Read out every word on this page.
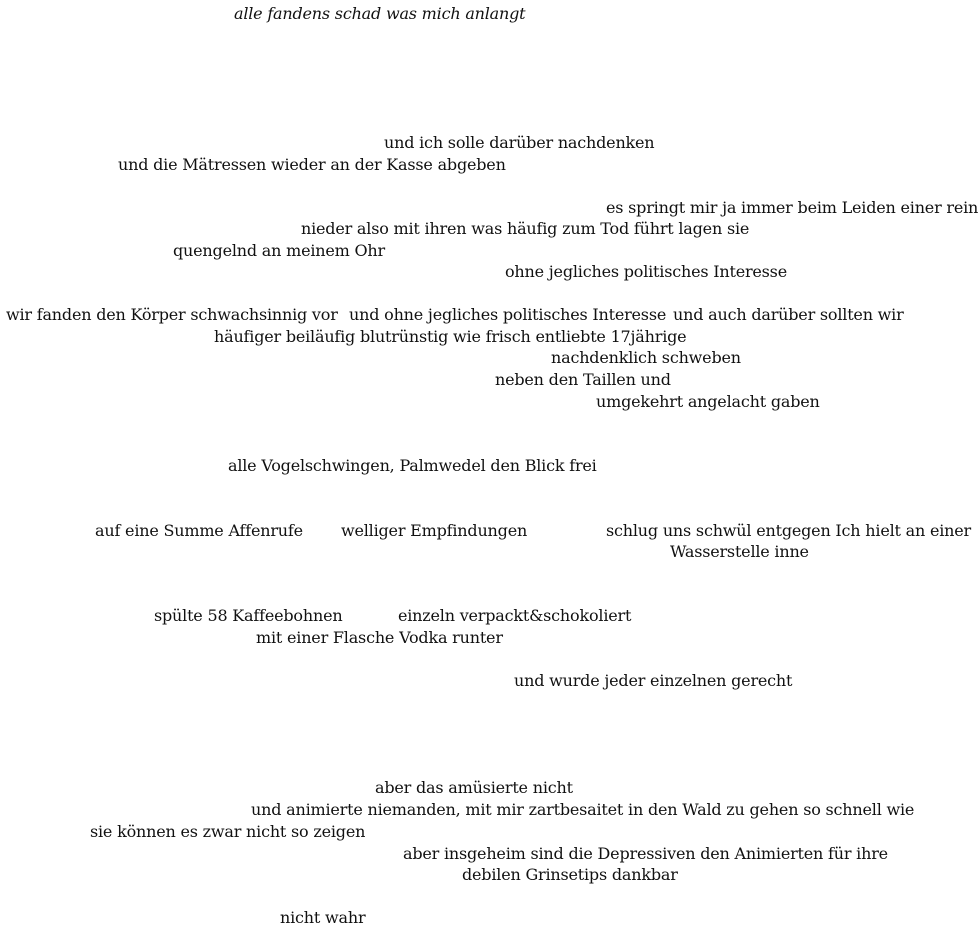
alle fandens schad was mich anlangt
und ich solle darüber nachdenken
und die Mätressen wieder an der Kasse abgeben
es springt mir ja immer beim Leiden einer rein
nieder also mit ihren was häufig zum Tod führt lagen sie
quengelnd an meinem Ohr
ohne jegliches politisches Interesse
wir fanden den Körper schwachsinnig vor und ohne jegliches politisches Interesse und auch darüber sollten wir
häufiger beiläufig blutrünstig wie frisch entliebte 17jährige
nachdenklich schweben
neben den Taillen und
umgekehrt angelacht gaben
alle Vogelschwingen, Palmwedel den Blick frei
auf eine Summe Affenrufe welliger Empfindungen	schlug uns schwül entgegen Ich hielt an einer
Wasserstelle inne
spülte 58 Kaffeebohnen	einzeln verpackt&schokoliert
mit einer Flasche Vodka runter
und wurde jeder einzelnen gerecht
aber das amüsierte nicht
und animierte niemanden, mit mir zartbesaitet in den Wald zu gehen so schnell wie
sie können es zwar nicht so zeigen
aber insgeheim sind die Depressiven den Animierten für ihre
debilen Grinsetips dankbar
nicht wahr
